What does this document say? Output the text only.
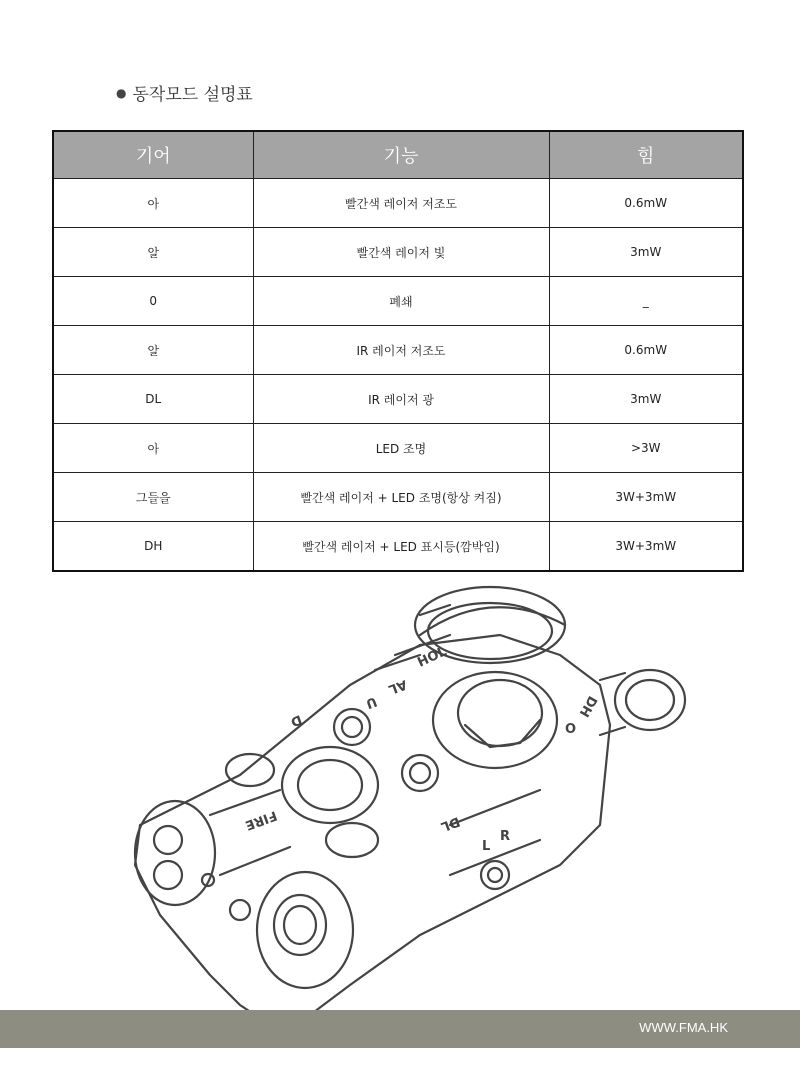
● 동작모드 설명표
기어	기능	힘
아	빨간색 레이저 저조도	0.6mW
알	빨간색 레이저 빛	3mW
0	폐쇄	_
알	IR 레이저 저조도	0.6mW
DL	IR 레이저 광	3mW
아	LED 조명	>3W
그들을	빨간색 레이저 + LED 조명(항상 켜짐)	3W+3mW
DH	빨간색 레이저 + LED 표시등(깜박임)	3W+3mW
HOL
FIRE
D
U
AL
DL
O
DH
R
L
WWW.FMA.HK
